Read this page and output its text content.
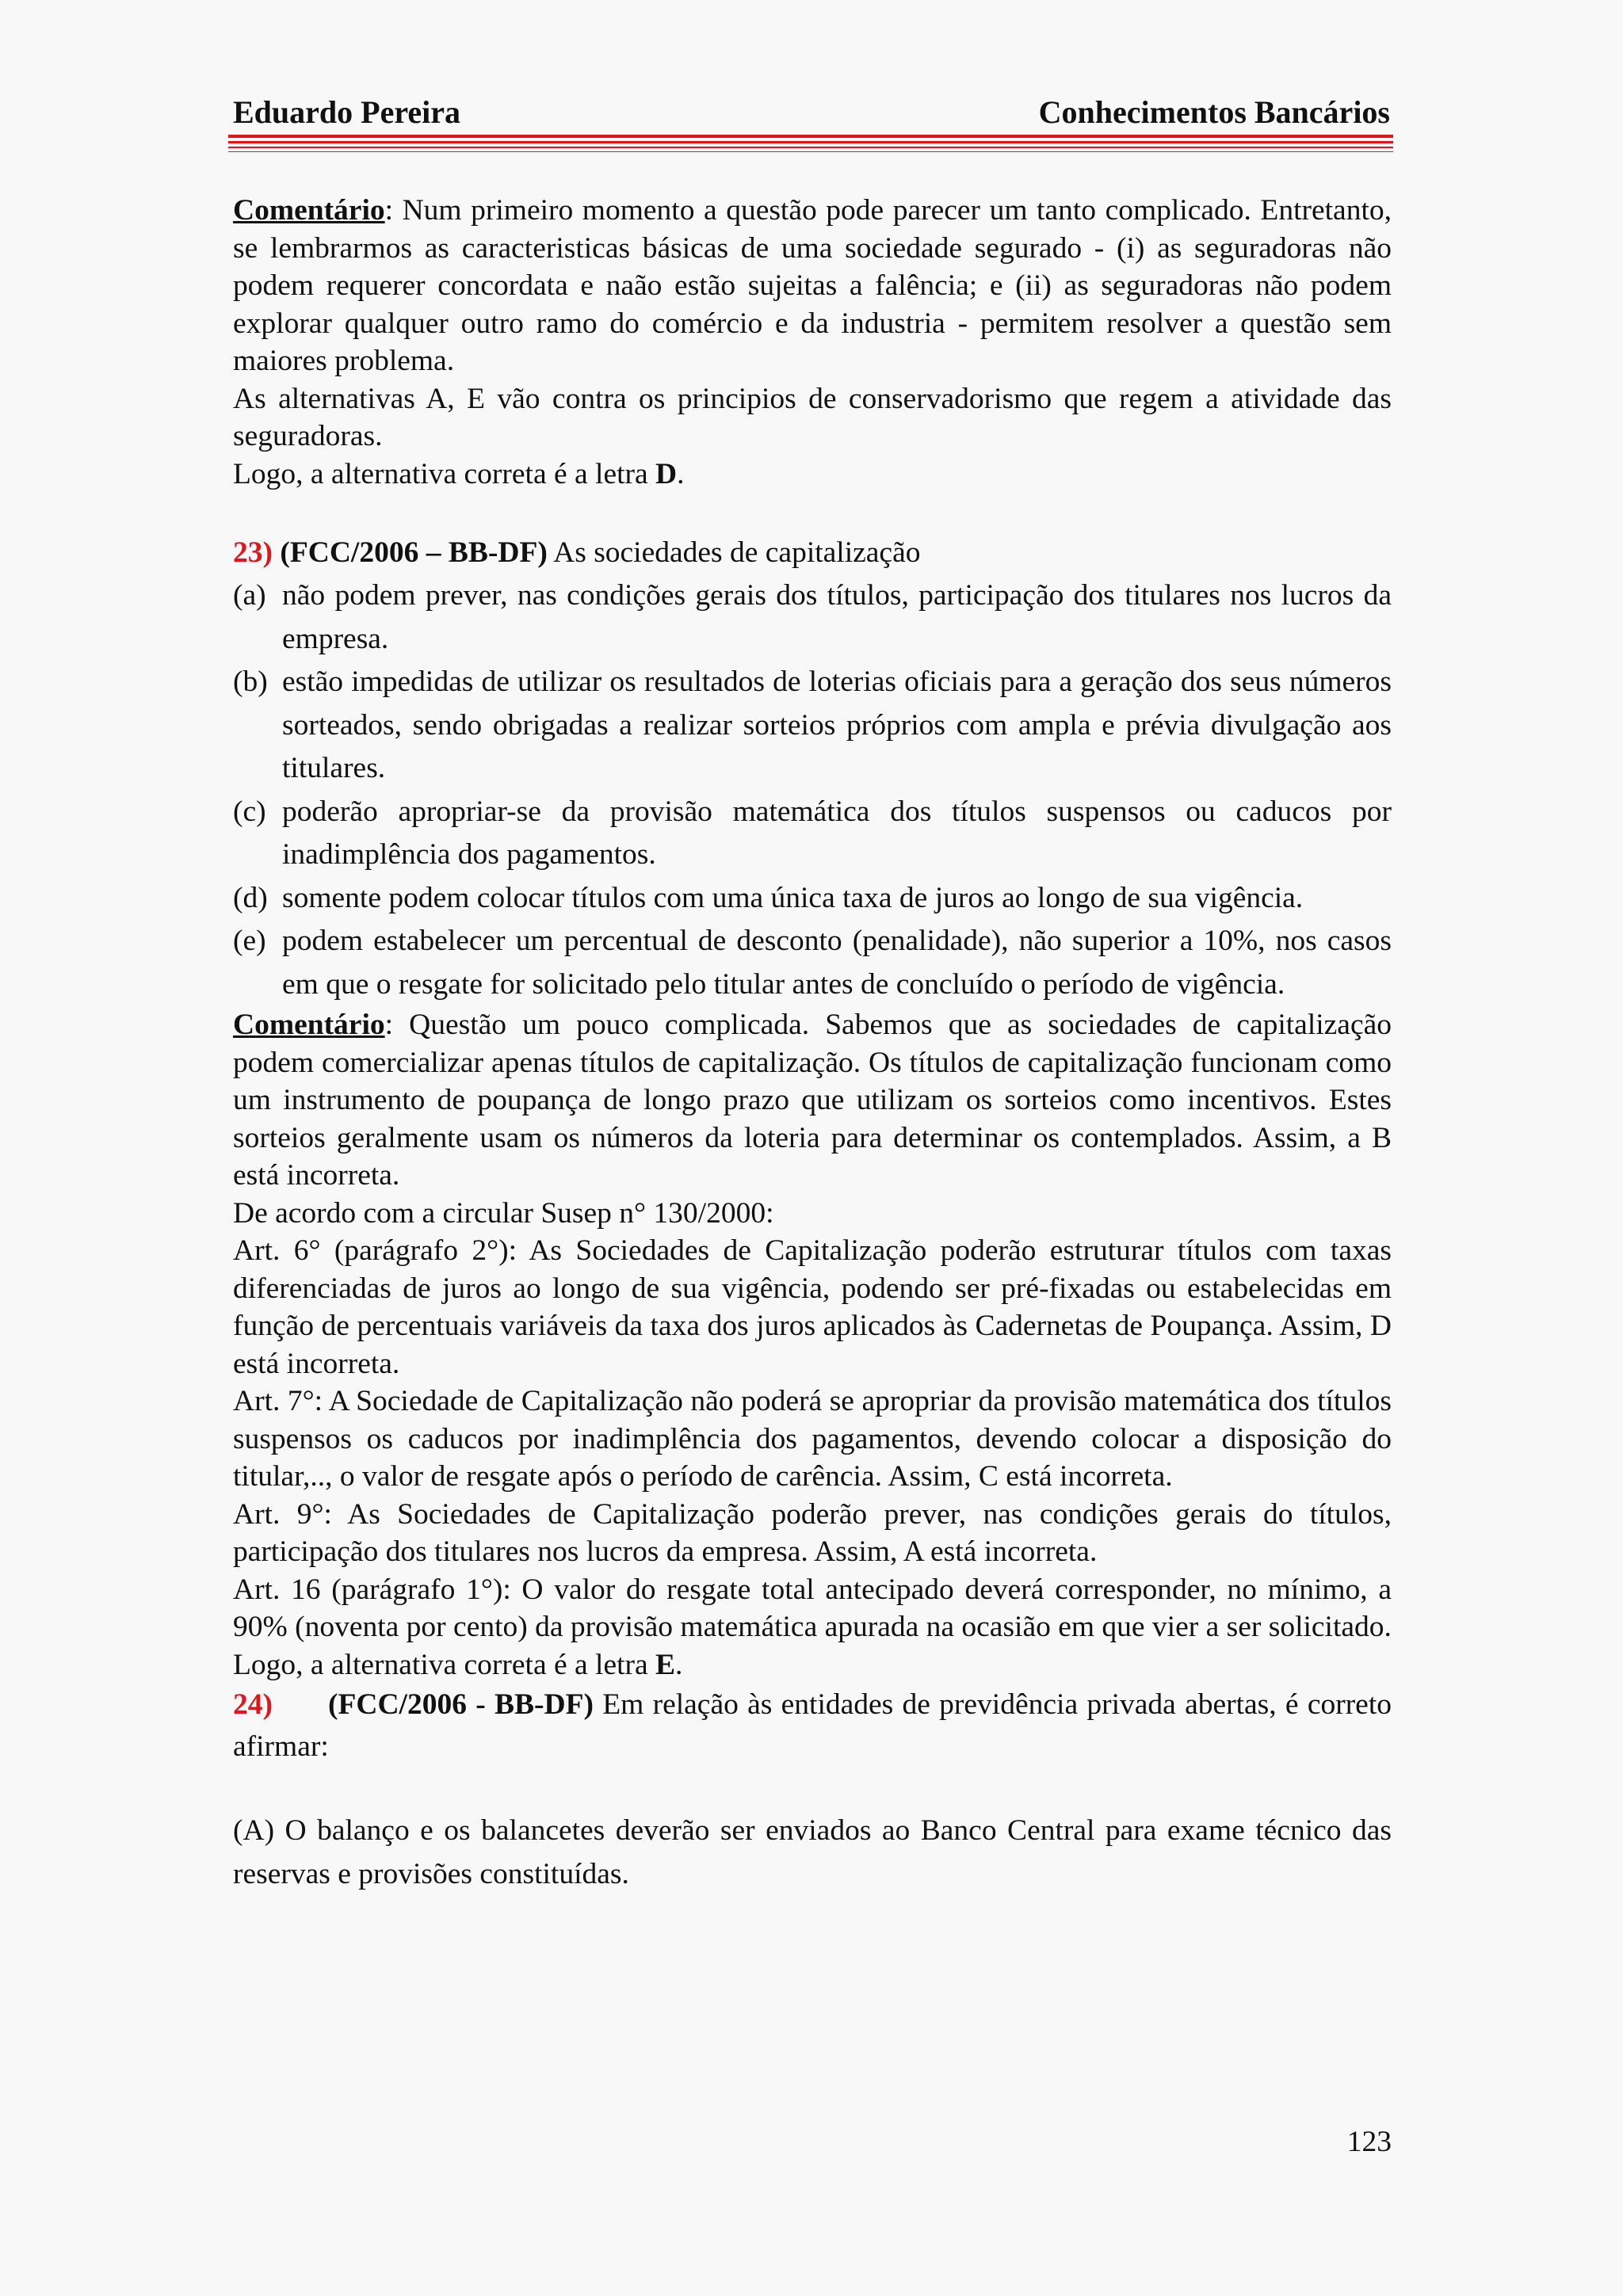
Eduardo Pereira	Conhecimentos Bancários

Comentário: Num primeiro momento a questão pode parecer um tanto complicado. Entretanto, se lembrarmos as caracteristicas básicas de uma sociedade segurado - (i) as seguradoras não podem requerer concordata e naão estão sujeitas a falência; e (ii) as seguradoras não podem explorar qualquer outro ramo do comércio e da industria - permitem resolver a questão sem maiores problema.

As alternativas A, E vão contra os principios de conservadorismo que regem a atividade das seguradoras.

Logo, a alternativa correta é a letra D.

23) (FCC/2006 – BB-DF) As sociedades de capitalização

(a) não podem prever, nas condições gerais dos títulos, participação dos titulares nos lucros da empresa.
(b) estão impedidas de utilizar os resultados de loterias oficiais para a geração dos seus números sorteados, sendo obrigadas a realizar sorteios próprios com ampla e prévia divulgação aos titulares.
(c) poderão apropriar-se da provisão matemática dos títulos suspensos ou caducos por inadimplência dos pagamentos.
(d) somente podem colocar títulos com uma única taxa de juros ao longo de sua vigência.
(e) podem estabelecer um percentual de desconto (penalidade), não superior a 10%, nos casos em que o resgate for solicitado pelo titular antes de concluído o período de vigência.

Comentário: Questão um pouco complicada. Sabemos que as sociedades de capitalização podem comercializar apenas títulos de capitalização. Os títulos de capitalização funcionam como um instrumento de poupança de longo prazo que utilizam os sorteios como incentivos. Estes sorteios geralmente usam os números da loteria para determinar os contemplados. Assim, a B está incorreta.

De acordo com a circular Susep n° 130/2000:

Art. 6° (parágrafo 2°): As Sociedades de Capitalização poderão estruturar títulos com taxas diferenciadas de juros ao longo de sua vigência, podendo ser pré-fixadas ou estabelecidas em função de percentuais variáveis da taxa dos juros aplicados às Cadernetas de Poupança. Assim, D está incorreta.

Art. 7°: A Sociedade de Capitalização não poderá se apropriar da provisão matemática dos títulos suspensos os caducos por inadimplência dos pagamentos, devendo colocar a disposição do titular,.., o valor de resgate após o período de carência. Assim, C está incorreta.

Art. 9°: As Sociedades de Capitalização poderão prever, nas condições gerais do títulos, participação dos titulares nos lucros da empresa. Assim, A está incorreta.

Art. 16 (parágrafo 1°): O valor do resgate total antecipado deverá corresponder, no mínimo, a 90% (noventa por cento) da provisão matemática apurada na ocasião em que vier a ser solicitado.

Logo, a alternativa correta é a letra E.

24) (FCC/2006 - BB-DF) Em relação às entidades de previdência privada abertas, é correto afirmar:

(A) O balanço e os balancetes deverão ser enviados ao Banco Central para exame técnico das reservas e provisões constituídas.

123
